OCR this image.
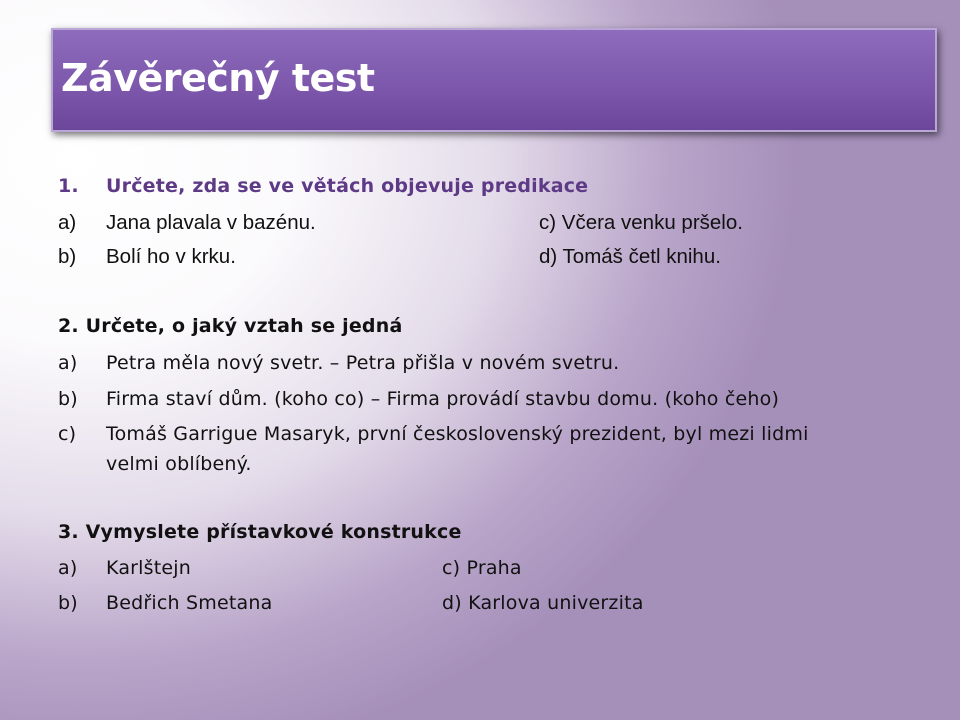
Závěrečný test
1. Určete, zda se ve větách objevuje predikace
a) Jana plavala v bazénu.	c) Včera venku pršelo.
b) Bolí ho v krku.	d) Tomáš četl knihu.
2. Určete, o jaký vztah se jedná
a) Petra měla nový svetr. – Petra přišla v novém svetru.
b) Firma staví dům. (koho co) – Firma provádí stavbu domu. (koho čeho)
c) Tomáš Garrigue Masaryk, první československý prezident, byl mezi lidmi
velmi oblíbený.
3. Vymyslete přístavkové konstrukce
a) Karlštejn	c) Praha
b) Bedřich Smetana	d) Karlova univerzita
